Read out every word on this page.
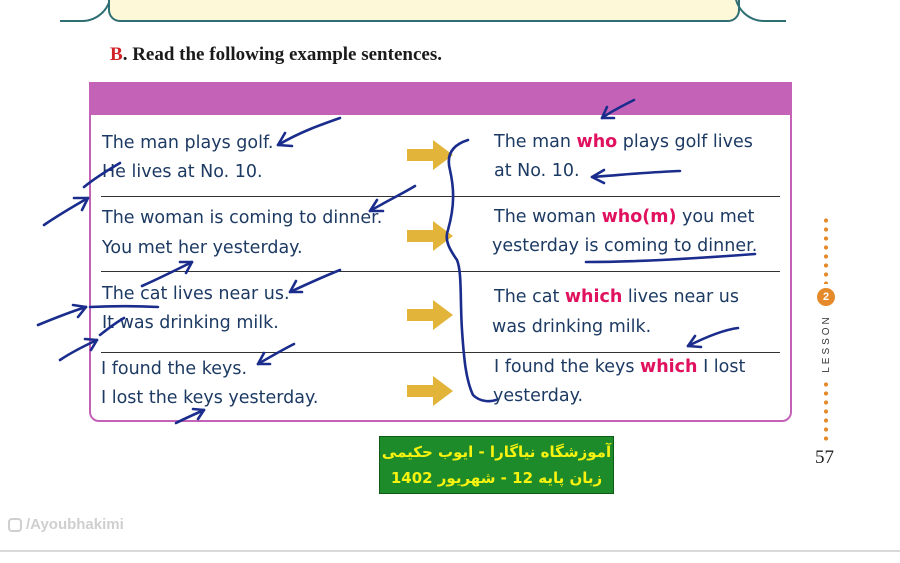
B. Read the following example sentences.
The man plays golf.
He lives at No. 10.
The man who plays golf lives
at No. 10.
The woman is coming to dinner.
You met her yesterday.
The woman who(m) you met
yesterday is coming to dinner.
The cat lives near us.
It was drinking milk.
The cat which lives near us
was drinking milk.
I found the keys.
I lost the keys yesterday.
I found the keys which I lost
yesterday.
2
LESSON
57
آموزشگاه نیاگارا - ایوب حکیمی
زبان پایه 12 - شهریور 1402
/Ayoubhakimi
